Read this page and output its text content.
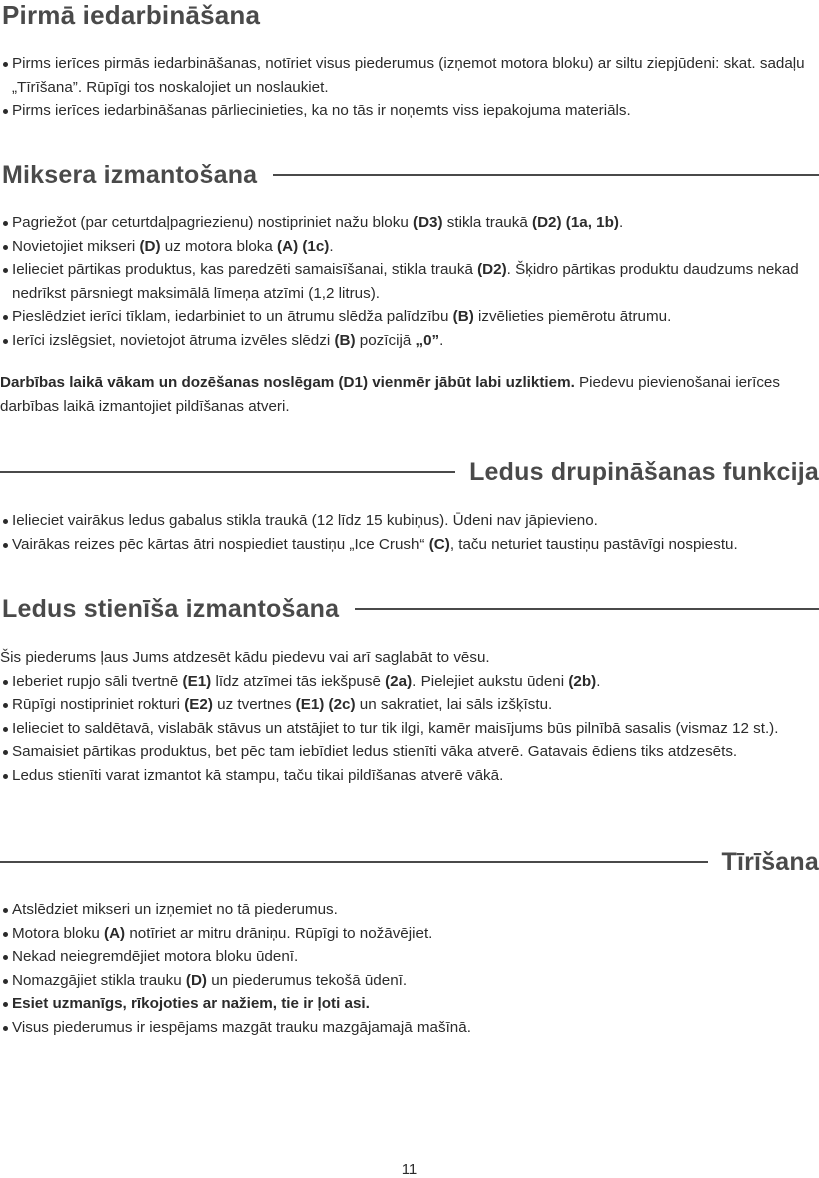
Pirmā iedarbināšana
Pirms ierīces pirmās iedarbināšanas, notīriet visus piederumus (izņemot motora bloku) ar siltu ziepjūdeni: skat. sadaļu „Tīrīšana”. Rūpīgi tos noskalojiet un noslaukiet.
Pirms ierīces iedarbināšanas pārliecinieties, ka no tās ir noņemts viss iepakojuma materiāls.
Miksera izmantošana
Pagriežot (par ceturtdaļpagriezienu) nostipriniet nažu bloku (D3) stikla traukā (D2) (1a, 1b).
Novietojiet mikseri (D) uz motora bloka (A) (1c).
Ielieciet pārtikas produktus, kas paredzēti samaisīšanai, stikla traukā (D2). Šķidro pārtikas produktu daudzums nekad nedrīkst pārsniegt maksimālā līmeņa atzīmi (1,2 litrus).
Pieslēdziet ierīci tīklam, iedarbiniet to un ātrumu slēdža palīdzību (B) izvēlieties piemērotu ātrumu.
Ierīci izslēgsiet, novietojot ātruma izvēles slēdzi (B) pozīcijā „0”.

Darbības laikā vākam un dozēšanas noslēgam (D1) vienmēr jābūt labi uzliktiem. Piedevu pievienošanai ierīces darbības laikā izmantojiet pildīšanas atveri.

Ledus drupināšanas funkcija
Ielieciet vairākus ledus gabalus stikla traukā (12 līdz 15 kubiņus). Ūdeni nav jāpievieno.
Vairākas reizes pēc kārtas ātri nospiediet taustiņu „Ice Crush“ (C), taču neturiet taustiņu pastāvīgi nospiestu.
Ledus stienīša izmantošana

Šis piederums ļaus Jums atdzesēt kādu piedevu vai arī saglabāt to vēsu.

Ieberiet rupjo sāli tvertnē (E1) līdz atzīmei tās iekšpusē (2a). Pielejiet aukstu ūdeni (2b).
Rūpīgi nostipriniet rokturi (E2) uz tvertnes (E1) (2c) un sakratiet, lai sāls izšķīstu.
Ielieciet to saldētavā, vislabāk stāvus un atstājiet to tur tik ilgi, kamēr maisījums būs pilnībā sasalis (vismaz 12 st.).
Samaisiet pārtikas produktus, bet pēc tam iebīdiet ledus stienīti vāka atverē. Gatavais ēdiens tiks atdzesēts.
Ledus stienīti varat izmantot kā stampu, taču tikai pildīšanas atverē vākā.
Tīrīšana
Atslēdziet mikseri un izņemiet no tā piederumus.
Motora bloku (A) notīriet ar mitru drāniņu. Rūpīgi to nožāvējiet.
Nekad neiegremdējiet motora bloku ūdenī.
Nomazgājiet stikla trauku (D) un piederumus tekošā ūdenī.
Esiet uzmanīgs, rīkojoties ar nažiem, tie ir ļoti asi.
Visus piederumus ir iespējams mazgāt trauku mazgājamajā mašīnā.
11
